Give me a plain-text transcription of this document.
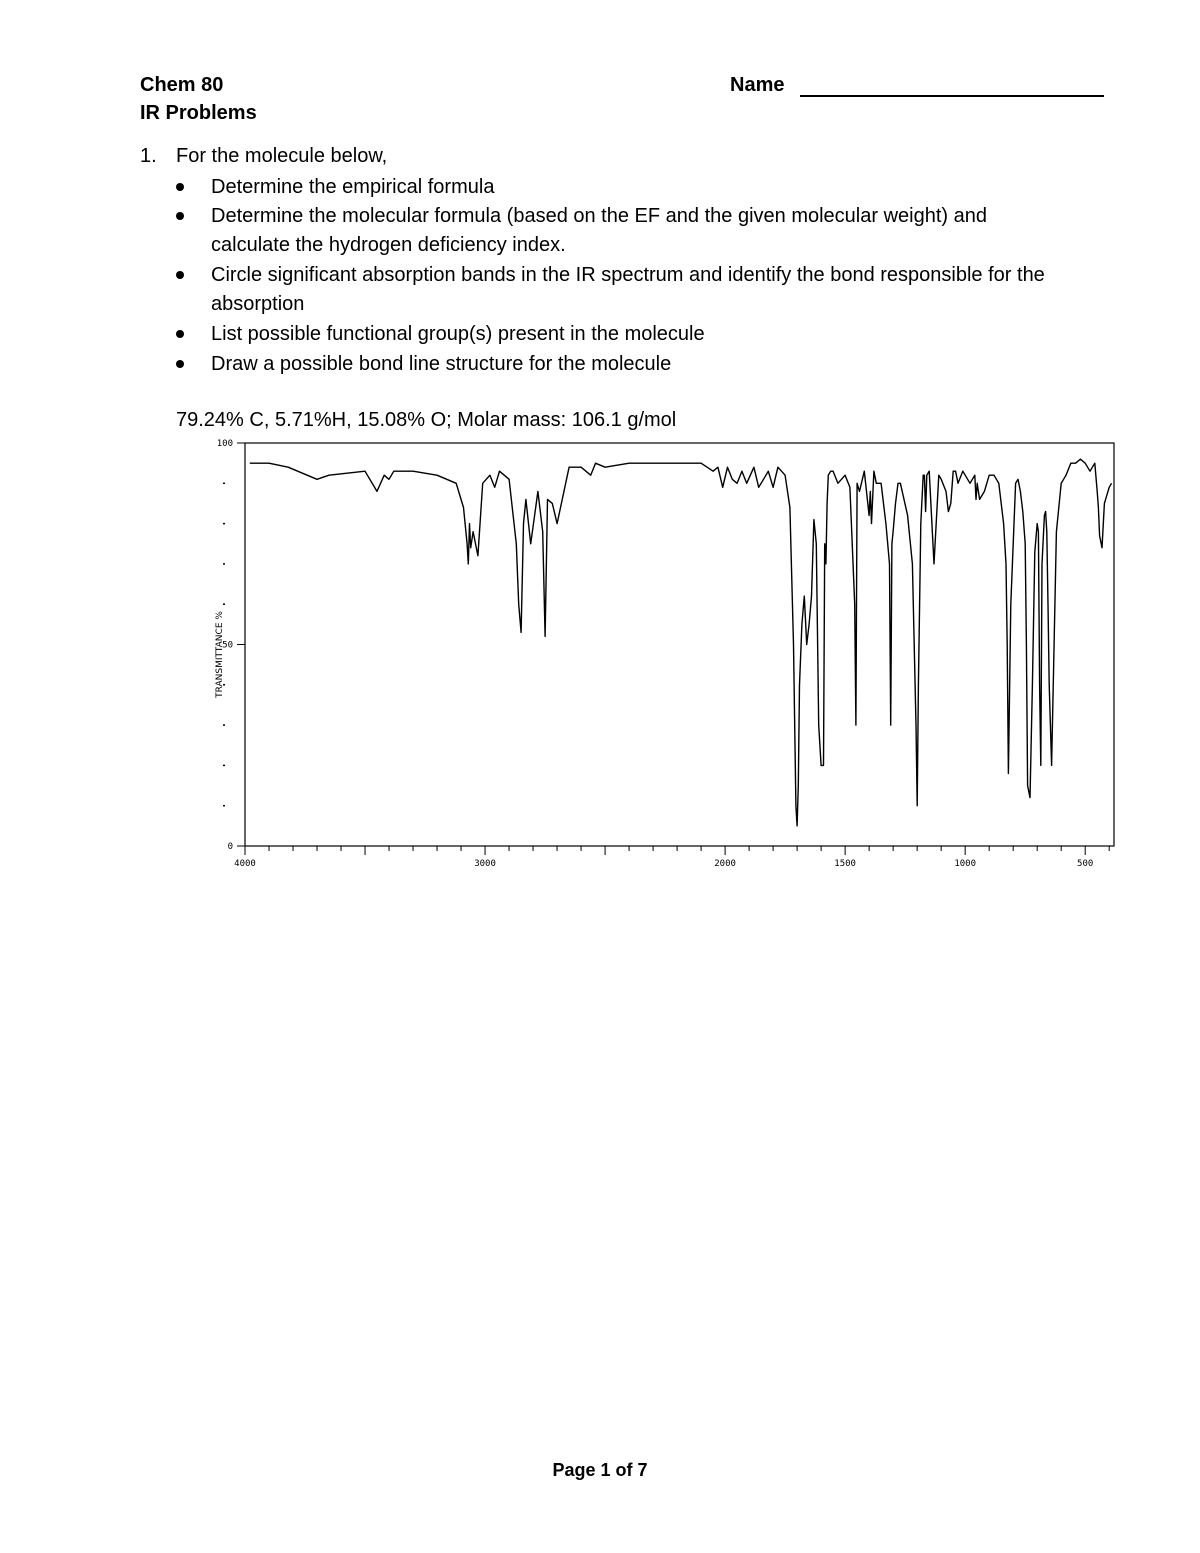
Chem 80
IR Problems
Name
1. For the molecule below,
Determine the empirical formula
Determine the molecular formula (based on the EF and the given molecular weight) and calculate the hydrogen deficiency index.
Circle significant absorption bands in the IR spectrum and identify the bond responsible for the absorption
List possible functional group(s) present in the molecule
Draw a possible bond line structure for the molecule
79.24% C, 5.71%H, 15.08% O; Molar mass: 106.1 g/mol
0
50
100
TRANSMITTANCE %
4000	3000	2000	1500	1000	500
Page 1 of 7
